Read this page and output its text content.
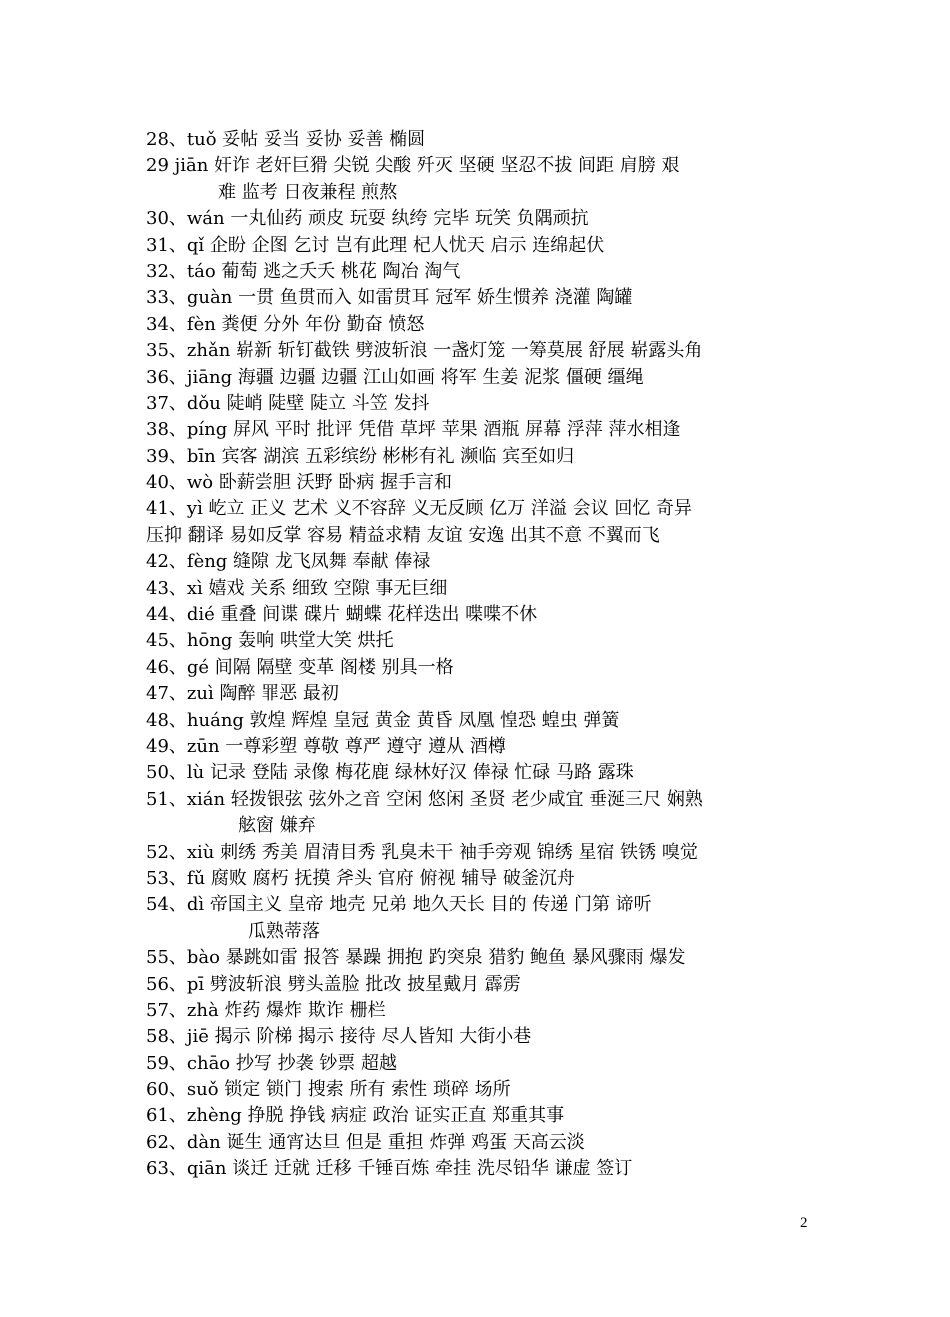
28、tuǒ 妥帖 妥当 妥协 妥善 椭圆
29 jiān 奸诈 老奸巨猾 尖锐 尖酸 歼灭 坚硬 坚忍不拔 间距 肩膀 艰
难 监考 日夜兼程 煎熬
30、wán 一丸仙药 顽皮 玩耍 纨绔 完毕 玩笑 负隅顽抗
31、qǐ 企盼 企图 乞讨 岂有此理 杞人忧天 启示 连绵起伏
32、táo 葡萄 逃之夭夭 桃花 陶冶 淘气
33、guàn 一贯 鱼贯而入 如雷贯耳 冠军 娇生惯养 浇灌 陶罐
34、fèn 粪便 分外 年份 勤奋 愤怒
35、zhǎn 崭新 斩钉截铁 劈波斩浪 一盏灯笼 一筹莫展 舒展 崭露头角
36、jiāng 海疆 边疆 边疆 江山如画 将军 生姜 泥浆 僵硬 缰绳
37、dǒu 陡峭 陡壁 陡立 斗笠 发抖
38、píng 屏风 平时 批评 凭借 草坪 苹果 酒瓶 屏幕 浮萍 萍水相逢
39、bīn 宾客 湖滨 五彩缤纷 彬彬有礼 濒临 宾至如归
40、wò 卧薪尝胆 沃野 卧病 握手言和
41、yì 屹立 正义 艺术 义不容辞 义无反顾 亿万 洋溢 会议 回忆 奇异
压抑 翻译 易如反掌 容易 精益求精 友谊 安逸 出其不意 不翼而飞
42、fèng 缝隙 龙飞凤舞 奉献 俸禄
43、xì 嬉戏 关系 细致 空隙 事无巨细
44、dié 重叠 间谍 碟片 蝴蝶 花样迭出 喋喋不休
45、hōng 轰响 哄堂大笑 烘托
46、gé 间隔 隔壁 变革 阁楼 别具一格
47、zuì 陶醉 罪恶 最初
48、huáng 敦煌 辉煌 皇冠 黄金 黄昏 凤凰 惶恐 蝗虫 弹簧
49、zūn 一尊彩塑 尊敬 尊严 遵守 遵从 酒樽
50、lù 记录 登陆 录像 梅花鹿 绿林好汉 俸禄 忙碌 马路 露珠
51、xián 轻拨银弦 弦外之音 空闲 悠闲 圣贤 老少咸宜 垂涎三尺 娴熟
舷窗 嫌弃
52、xiù 刺绣 秀美 眉清目秀 乳臭未干 袖手旁观 锦绣 星宿 铁锈 嗅觉
53、fǔ 腐败 腐朽 抚摸 斧头 官府 俯视 辅导 破釜沉舟
54、dì 帝国主义 皇帝 地壳 兄弟 地久天长 目的 传递 门第 谛听
瓜熟蒂落
55、bào 暴跳如雷 报答 暴躁 拥抱 趵突泉 猎豹 鲍鱼 暴风骤雨 爆发
56、pī 劈波斩浪 劈头盖脸 批改 披星戴月 霹雳
57、zhà 炸药 爆炸 欺诈 栅栏
58、jiē 揭示 阶梯 揭示 接待 尽人皆知 大街小巷
59、chāo 抄写 抄袭 钞票 超越
60、suǒ 锁定 锁门 搜索 所有 索性 琐碎 场所
61、zhèng 挣脱 挣钱 病症 政治 证实正直 郑重其事
62、dàn 诞生 通宵达旦 但是 重担 炸弹 鸡蛋 天高云淡
63、qiān 谈迁 迁就 迁移 千锤百炼 牵挂 洗尽铅华 谦虚 签订
2
